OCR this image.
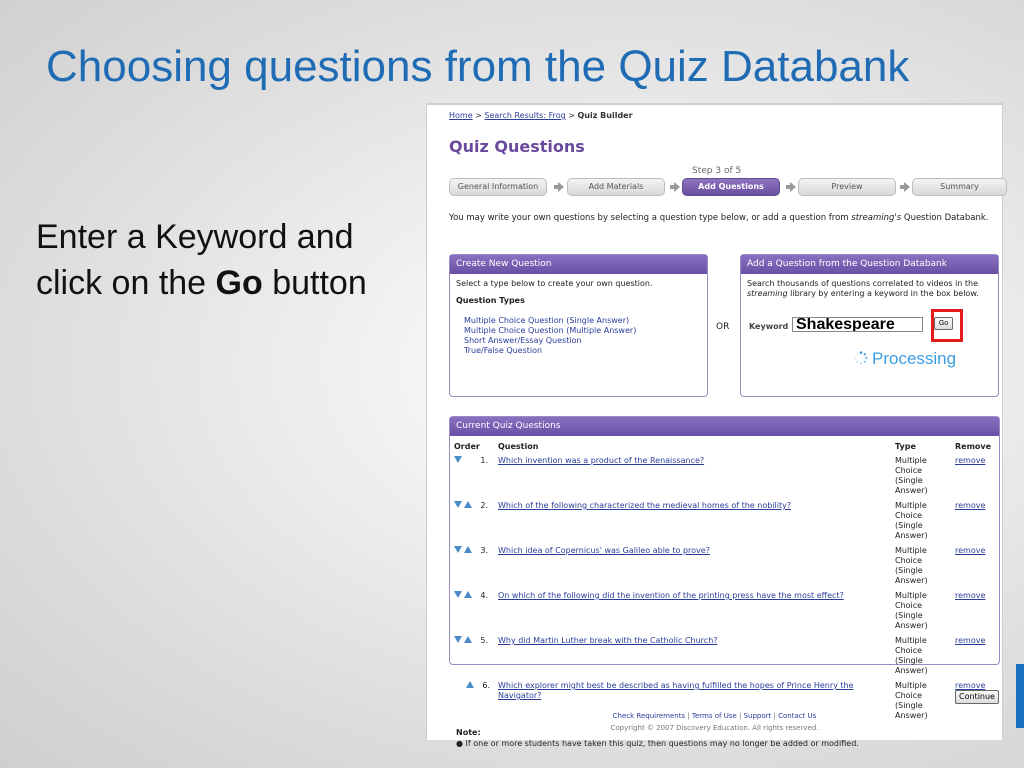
Choosing questions from the Quiz Databank
Enter a Keyword and click on the Go button
Home > Search Results: Frog > Quiz Builder
Quiz Questions
Step 3 of 5
General Information	Add Materials	Add Questions	Preview	Summary
You may write your own questions by selecting a question type below, or add a question from streaming's Question Databank.
Create New Question
Select a type below to create your own question.
Question Types
Multiple Choice Question (Single Answer)
Multiple Choice Question (Multiple Answer)
Short Answer/Essay Question
True/False Question
OR
Add a Question from the Question Databank
Search thousands of questions correlated to videos in the streaming library by entering a keyword in the box below.
Keyword
Shakespeare	Go
Processing
Current Quiz Questions
Order	Question	Type	Remove
1.	Which invention was a product of the Renaissance?	Multiple Choice
(Single Answer)	remove
2.	Which of the following characterized the medieval homes of the nobility?	Multiple Choice
(Single Answer)	remove
3.	Which idea of Copernicus' was Galileo able to prove?	Multiple Choice
(Single Answer)	remove
4.	On which of the following did the invention of the printing press have the most effect?	Multiple Choice
(Single Answer)	remove
5.	Why did Martin Luther break with the Catholic Church?	Multiple Choice
(Single Answer)	remove
6.	Which explorer might best be described as having fulfilled the hopes of Prince Henry the Navigator?	Multiple Choice
(Single Answer)	remove
Note:
● If one or more students have taken this quiz, then questions may no longer be added or modified.
Continue
Check Requirements | Terms of Use | Support | Contact Us
Copyright © 2007 Discovery Education. All rights reserved.
